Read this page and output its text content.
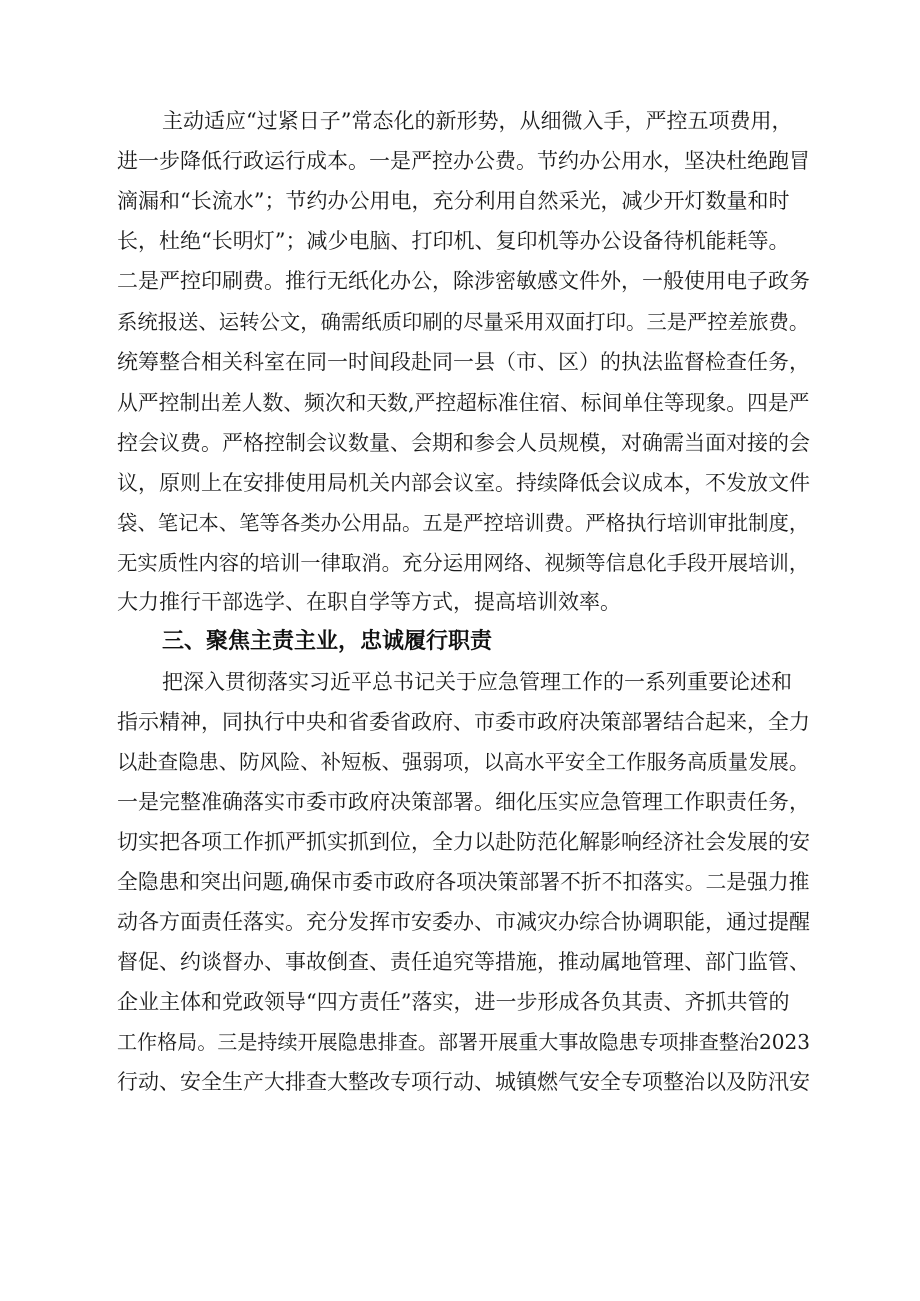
主动适应“过紧日子”常态化的新形势，从细微入手，严控五项费用，
进一步降低行政运行成本。一是严控办公费。节约办公用水，坚决杜绝跑冒
滴漏和“长流水”；节约办公用电，充分利用自然采光，减少开灯数量和时
长，杜绝“长明灯”；减少电脑、打印机、复印机等办公设备待机能耗等。
二是严控印刷费。推行无纸化办公，除涉密敏感文件外，一般使用电子政务
系统报送、运转公文，确需纸质印刷的尽量采用双面打印。三是严控差旅费。
统筹整合相关科室在同一时间段赴同一县（市、区）的执法监督检查任务，
从严控制出差人数、频次和天数,严控超标准住宿、标间单住等现象。四是严
控会议费。严格控制会议数量、会期和参会人员规模，对确需当面对接的会
议，原则上在安排使用局机关内部会议室。持续降低会议成本，不发放文件
袋、笔记本、笔等各类办公用品。五是严控培训费。严格执行培训审批制度，
无实质性内容的培训一律取消。充分运用网络、视频等信息化手段开展培训，
大力推行干部选学、在职自学等方式，提高培训效率。
三、聚焦主责主业，忠诚履行职责
把深入贯彻落实习近平总书记关于应急管理工作的一系列重要论述和
指示精神，同执行中央和省委省政府、市委市政府决策部署结合起来，全力
以赴查隐患、防风险、补短板、强弱项，以高水平安全工作服务高质量发展。
一是完整准确落实市委市政府决策部署。细化压实应急管理工作职责任务，
切实把各项工作抓严抓实抓到位，全力以赴防范化解影响经济社会发展的安
全隐患和突出问题,确保市委市政府各项决策部署不折不扣落实。二是强力推
动各方面责任落实。充分发挥市安委办、市减灾办综合协调职能，通过提醒
督促、约谈督办、事故倒查、责任追究等措施，推动属地管理、部门监管、
企业主体和党政领导“四方责任”落实，进一步形成各负其责、齐抓共管的
工作格局。三是持续开展隐患排查。部署开展重大事故隐患专项排查整治2023
行动、安全生产大排查大整改专项行动、城镇燃气安全专项整治以及防汛安
